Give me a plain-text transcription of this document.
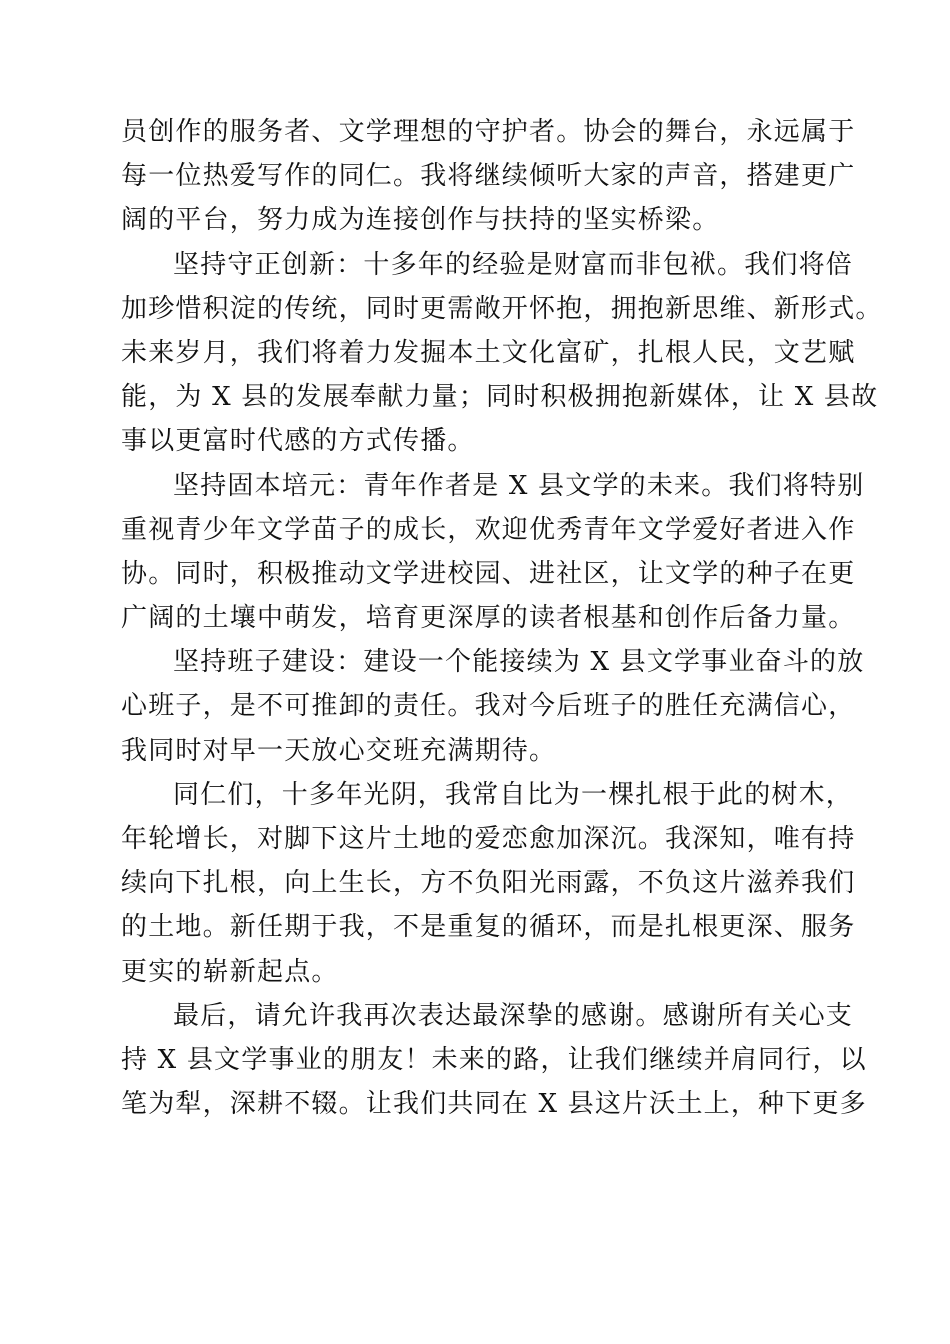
员创作的服务者、文学理想的守护者。协会的舞台，永远属于
每一位热爱写作的同仁。我将继续倾听大家的声音，搭建更广
阔的平台，努力成为连接创作与扶持的坚实桥梁。
坚持守正创新：十多年的经验是财富而非包袱。我们将倍
加珍惜积淀的传统，同时更需敞开怀抱，拥抱新思维、新形式。
未来岁月，我们将着力发掘本土文化富矿，扎根人民，文艺赋
能，为 X 县的发展奉献力量；同时积极拥抱新媒体，让 X 县故
事以更富时代感的方式传播。
坚持固本培元：青年作者是 X 县文学的未来。我们将特别
重视青少年文学苗子的成长，欢迎优秀青年文学爱好者进入作
协。同时，积极推动文学进校园、进社区，让文学的种子在更
广阔的土壤中萌发，培育更深厚的读者根基和创作后备力量。
坚持班子建设：建设一个能接续为 X 县文学事业奋斗的放
心班子，是不可推卸的责任。我对今后班子的胜任充满信心，
我同时对早一天放心交班充满期待。
同仁们，十多年光阴，我常自比为一棵扎根于此的树木，
年轮增长，对脚下这片土地的爱恋愈加深沉。我深知，唯有持
续向下扎根，向上生长，方不负阳光雨露，不负这片滋养我们
的土地。新任期于我，不是重复的循环，而是扎根更深、服务
更实的崭新起点。
最后，请允许我再次表达最深挚的感谢。感谢所有关心支
持 X 县文学事业的朋友！未来的路，让我们继续并肩同行，以
笔为犁，深耕不辍。让我们共同在 X 县这片沃土上，种下更多
